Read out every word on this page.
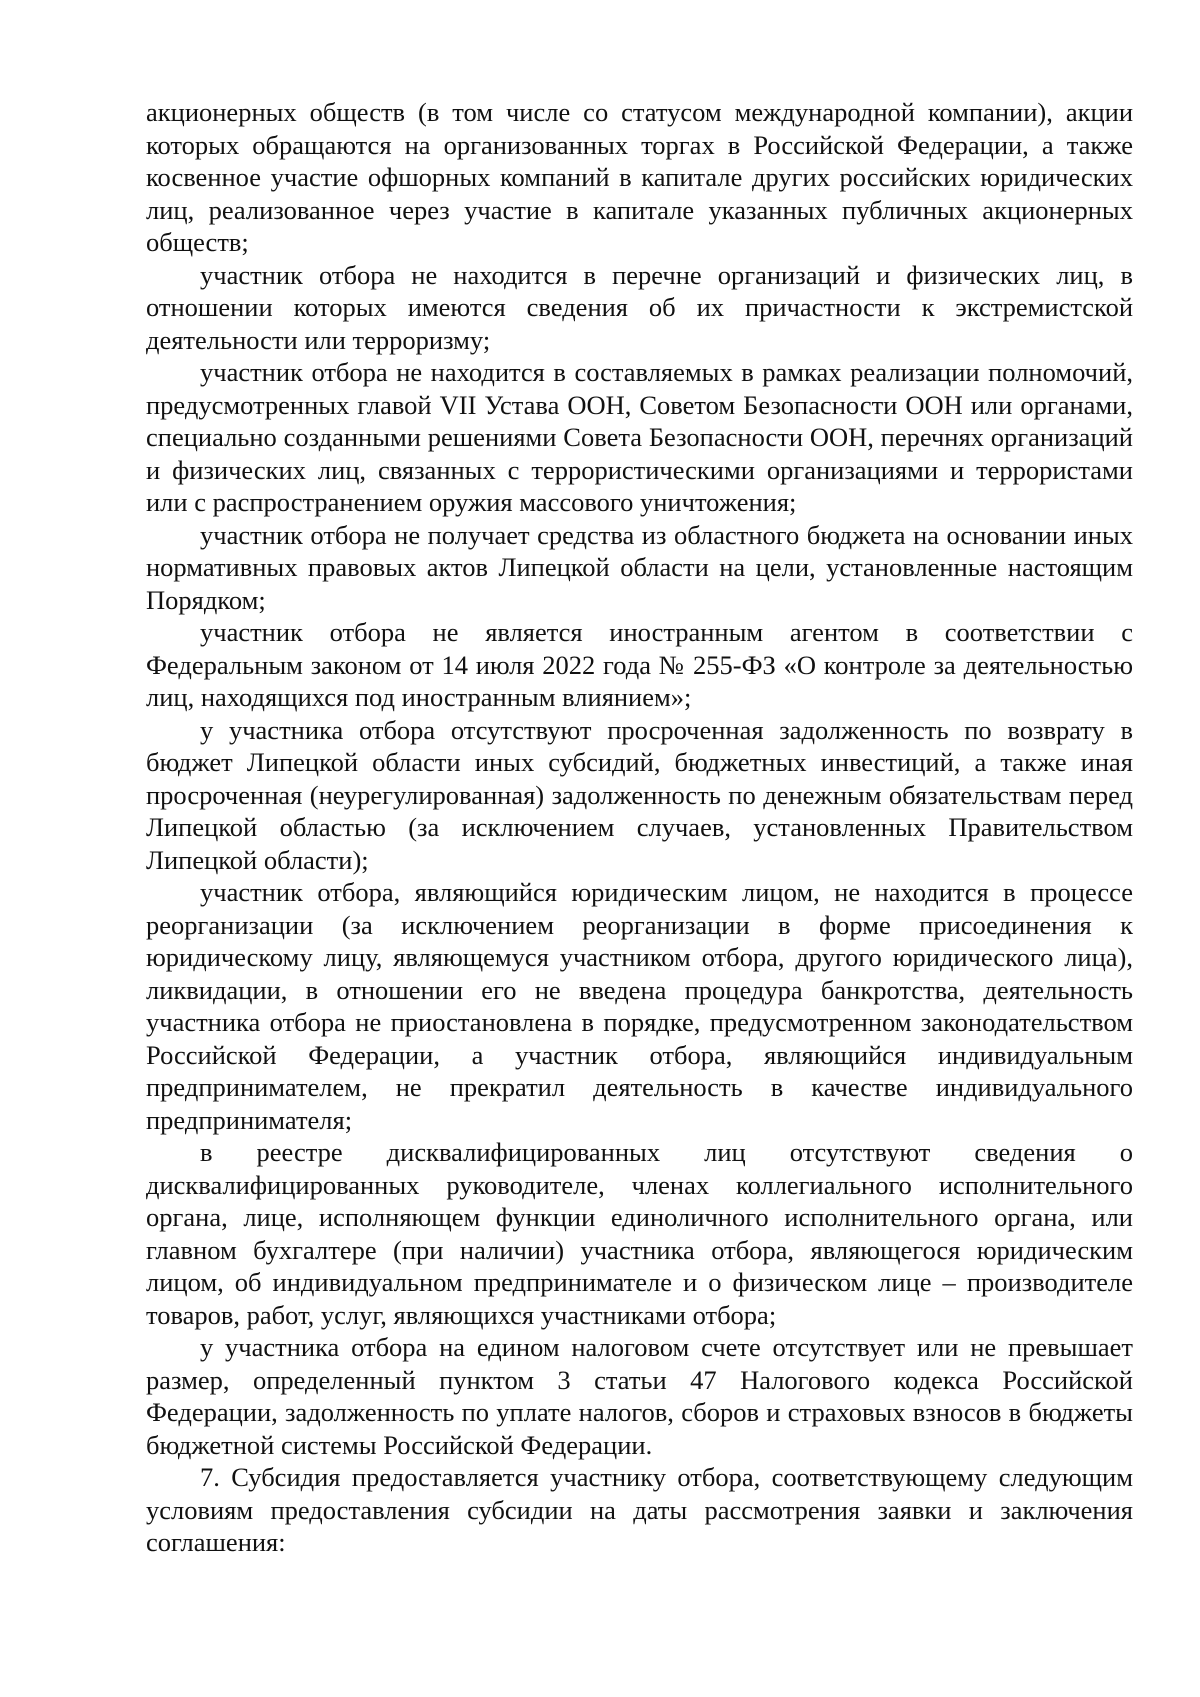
акционерных обществ (в том числе со статусом международной компании), акции которых обращаются на организованных торгах в Российской Федерации, а также косвенное участие офшорных компаний в капитале других российских юридических лиц, реализованное через участие в капитале указанных публичных акционерных обществ;

участник отбора не находится в перечне организаций и физических лиц, в отношении которых имеются сведения об их причастности к экстремистской деятельности или терроризму;

участник отбора не находится в составляемых в рамках реализации полномочий, предусмотренных главой VII Устава ООН, Советом Безопасности ООН или органами, специально созданными решениями Совета Безопасности ООН, перечнях организаций и физических лиц, связанных с террористическими организациями и террористами или с распространением оружия массового уничтожения;

участник отбора не получает средства из областного бюджета на основании иных нормативных правовых актов Липецкой области на цели, установленные настоящим Порядком;

участник отбора не является иностранным агентом в соответствии с Федеральным законом от 14 июля 2022 года № 255-ФЗ «О контроле за деятельностью лиц, находящихся под иностранным влиянием»;

у участника отбора отсутствуют просроченная задолженность по возврату в бюджет Липецкой области иных субсидий, бюджетных инвестиций, а также иная просроченная (неурегулированная) задолженность по денежным обязательствам перед Липецкой областью (за исключением случаев, установленных Правительством Липецкой области);

участник отбора, являющийся юридическим лицом, не находится в процессе реорганизации (за исключением реорганизации в форме присоединения к юридическому лицу, являющемуся участником отбора, другого юридического лица), ликвидации, в отношении его не введена процедура банкротства, деятельность участника отбора не приостановлена в порядке, предусмотренном законодательством Российской Федерации, а участник отбора, являющийся индивидуальным предпринимателем, не прекратил деятельность в качестве индивидуального предпринимателя;

в реестре дисквалифицированных лиц отсутствуют сведения о дисквалифицированных руководителе, членах коллегиального исполнительного органа, лице, исполняющем функции единоличного исполнительного органа, или главном бухгалтере (при наличии) участника отбора, являющегося юридическим лицом, об индивидуальном предпринимателе и о физическом лице – производителе товаров, работ, услуг, являющихся участниками отбора;

у участника отбора на едином налоговом счете отсутствует или не превышает размер, определенный пунктом 3 статьи 47 Налогового кодекса Российской Федерации, задолженность по уплате налогов, сборов и страховых взносов в бюджеты бюджетной системы Российской Федерации.

7. Субсидия предоставляется участнику отбора, соответствующему следующим условиям предоставления субсидии на даты рассмотрения заявки и заключения соглашения:
